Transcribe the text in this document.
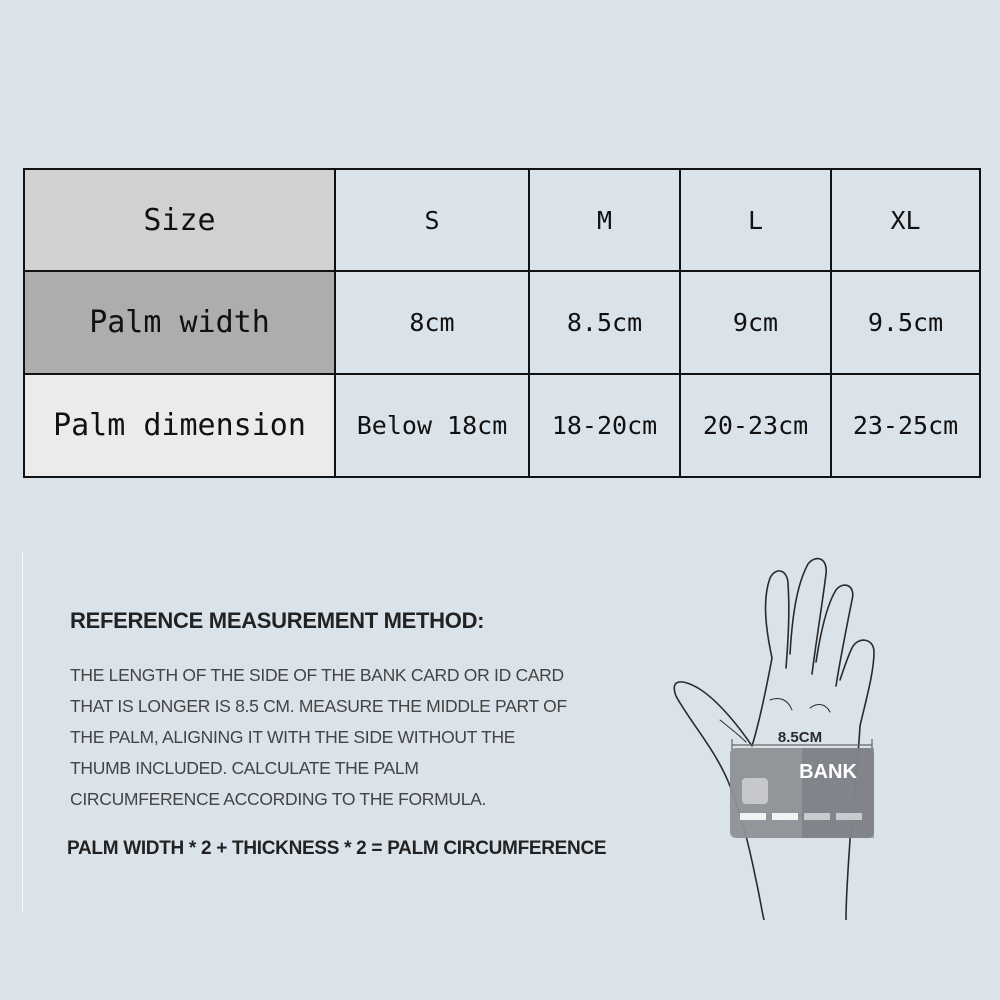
Size	S	M	L	XL
Palm width	8cm	8.5cm	9cm	9.5cm
Palm dimension	Below 18cm	18-20cm	20-23cm	23-25cm
REFERENCE MEASUREMENT METHOD:
THE LENGTH OF THE SIDE OF THE BANK CARD OR ID CARD
THAT IS LONGER IS 8.5 CM. MEASURE THE MIDDLE PART OF
THE PALM, ALIGNING IT WITH THE SIDE WITHOUT THE
THUMB INCLUDED. CALCULATE THE PALM
CIRCUMFERENCE ACCORDING TO THE FORMULA.
PALM WIDTH * 2 + THICKNESS * 2 = PALM CIRCUMFERENCE
8.5CM
BANK
